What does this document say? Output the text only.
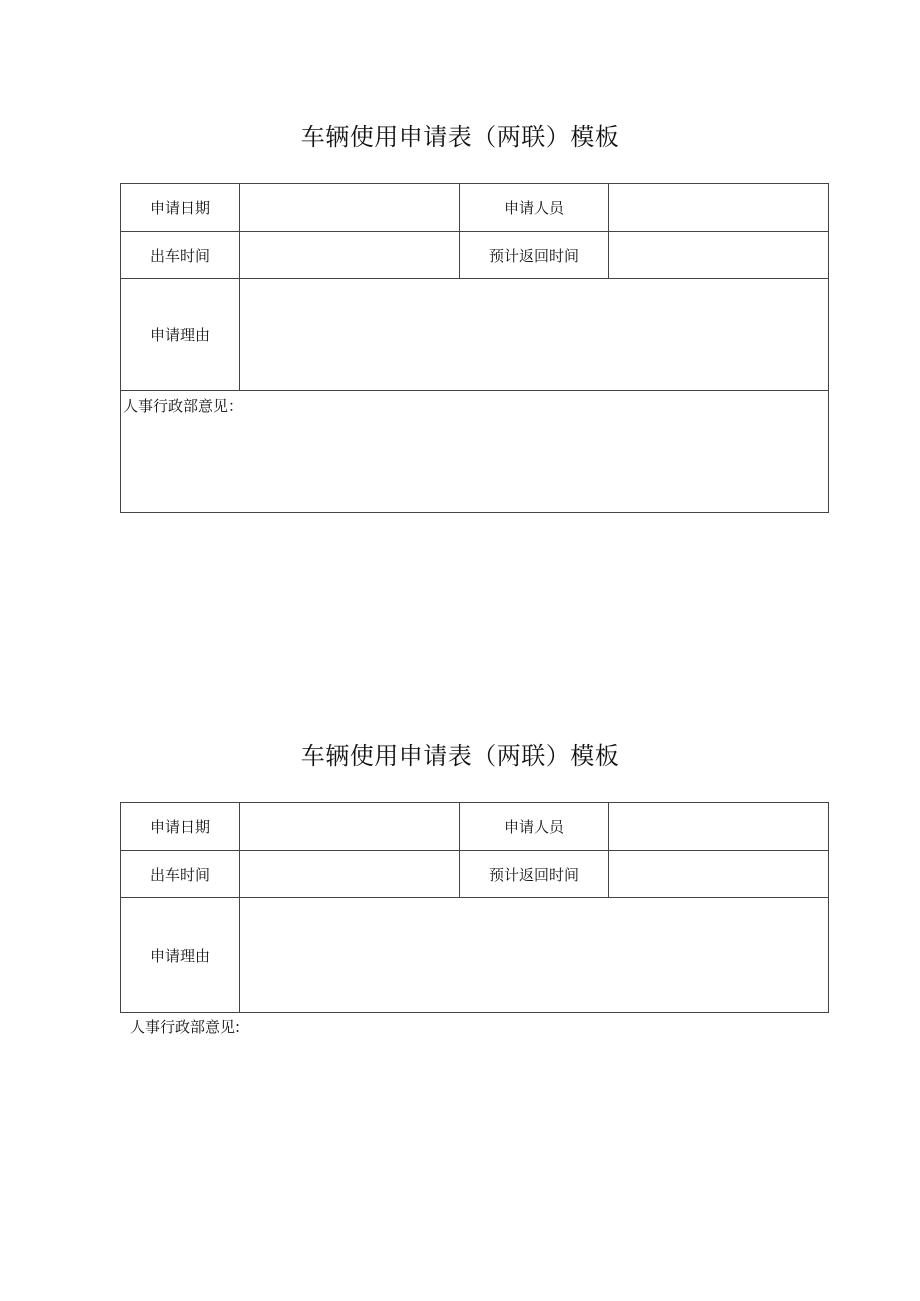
车辆使用申请表（两联）模板
申请日期		申请人员	
出车时间		预计返回时间	
申请理由			
人事行政部意见：			
车辆使用申请表（两联）模板
申请日期		申请人员	
出车时间		预计返回时间	
申请理由			
人事行政部意见:
